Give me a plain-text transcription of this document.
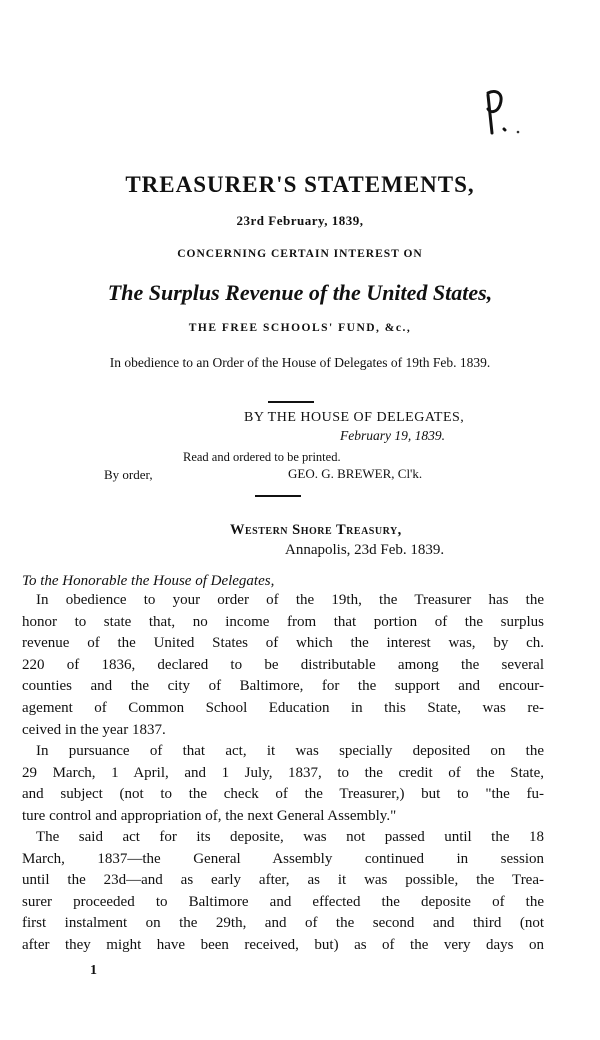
TREASURER'S STATEMENTS,
23rd February, 1839,
CONCERNING CERTAIN INTEREST ON
The Surplus Revenue of the United States,
THE FREE SCHOOLS' FUND, &c.,
In obedience to an Order of the House of Delegates of 19th Feb. 1839.
BY THE HOUSE OF DELEGATES,
February 19, 1839.
Read and ordered to be printed.
By order,	GEO. G. BREWER, Cl'k.
Western Shore Treasury,
Annapolis, 23d Feb. 1839.
To the Honorable the House of Delegates,
In obedience to your order of the 19th, the Treasurer has the
honor to state that, no income from that portion of the surplus
revenue of the United States of which the interest was, by ch.
220 of 1836, declared to be distributable among the several
counties and the city of Baltimore, for the support and encour-
agement of Common School Education in this State, was re-
ceived in the year 1837.
In pursuance of that act, it was specially deposited on the
29 March, 1 April, and 1 July, 1837, to the credit of the State,
and subject (not to the check of the Treasurer,) but to "the fu-
ture control and appropriation of, the next General Assembly."
The said act for its deposite, was not passed until the 18
March, 1837—the General Assembly continued in session
until the 23d—and as early after, as it was possible, the Trea-
surer proceeded to Baltimore and effected the deposite of the
first instalment on the 29th, and of the second and third (not
after they might have been received, but) as of the very days on
1
